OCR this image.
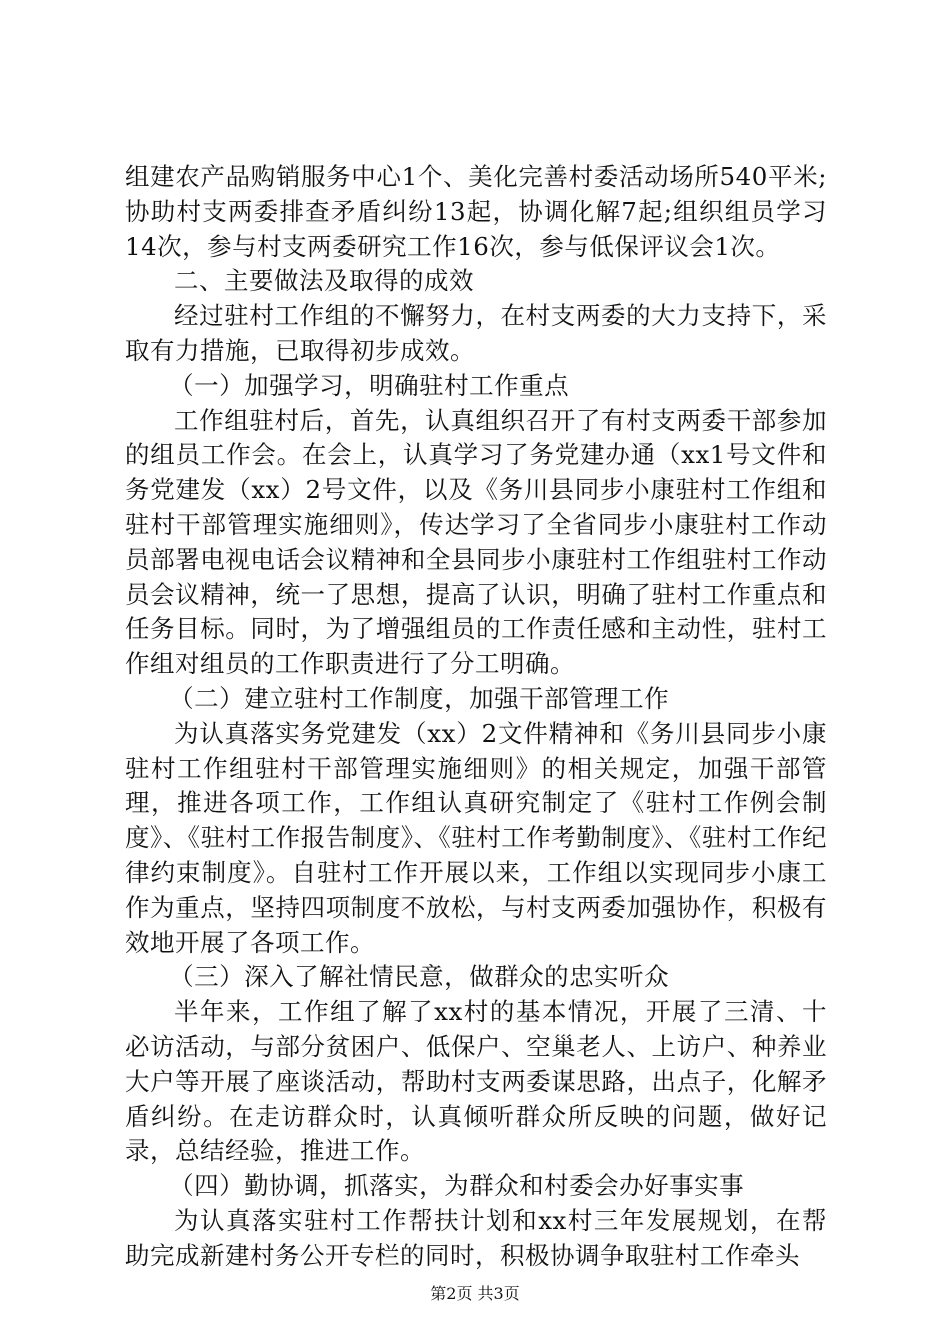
组建农产品购销服务中心1个、美化完善村委活动场所540平米;协助村支两委排查矛盾纠纷13起，协调化解7起;组织组员学习14次，参与村支两委研究工作16次，参与低保评议会1次。

二、主要做法及取得的成效

经过驻村工作组的不懈努力，在村支两委的大力支持下，采取有力措施，已取得初步成效。

（一）加强学习，明确驻村工作重点

工作组驻村后，首先，认真组织召开了有村支两委干部参加的组员工作会。在会上，认真学习了务党建办通（xx1号文件和务党建发（xx）2号文件，以及《务川县同步小康驻村工作组和驻村干部管理实施细则》，传达学习了全省同步小康驻村工作动员部署电视电话会议精神和全县同步小康驻村工作组驻村工作动员会议精神，统一了思想，提高了认识，明确了驻村工作重点和任务目标。同时，为了增强组员的工作责任感和主动性，驻村工作组对组员的工作职责进行了分工明确。

（二）建立驻村工作制度，加强干部管理工作

为认真落实务党建发（xx）2文件精神和《务川县同步小康驻村工作组驻村干部管理实施细则》的相关规定，加强干部管理，推进各项工作，工作组认真研究制定了《驻村工作例会制度》、《驻村工作报告制度》、《驻村工作考勤制度》、《驻村工作纪律约束制度》。自驻村工作开展以来，工作组以实现同步小康工作为重点，坚持四项制度不放松，与村支两委加强协作，积极有效地开展了各项工作。

（三）深入了解社情民意，做群众的忠实听众

半年来，工作组了解了xx村的基本情况，开展了三清、十必访活动，与部分贫困户、低保户、空巢老人、上访户、种养业大户等开展了座谈活动，帮助村支两委谋思路，出点子，化解矛盾纠纷。在走访群众时，认真倾听群众所反映的问题，做好记录，总结经验，推进工作。

（四）勤协调，抓落实，为群众和村委会办好事实事

为认真落实驻村工作帮扶计划和xx村三年发展规划，在帮助完成新建村务公开专栏的同时，积极协调争取驻村工作牵头

第2页 共3页
